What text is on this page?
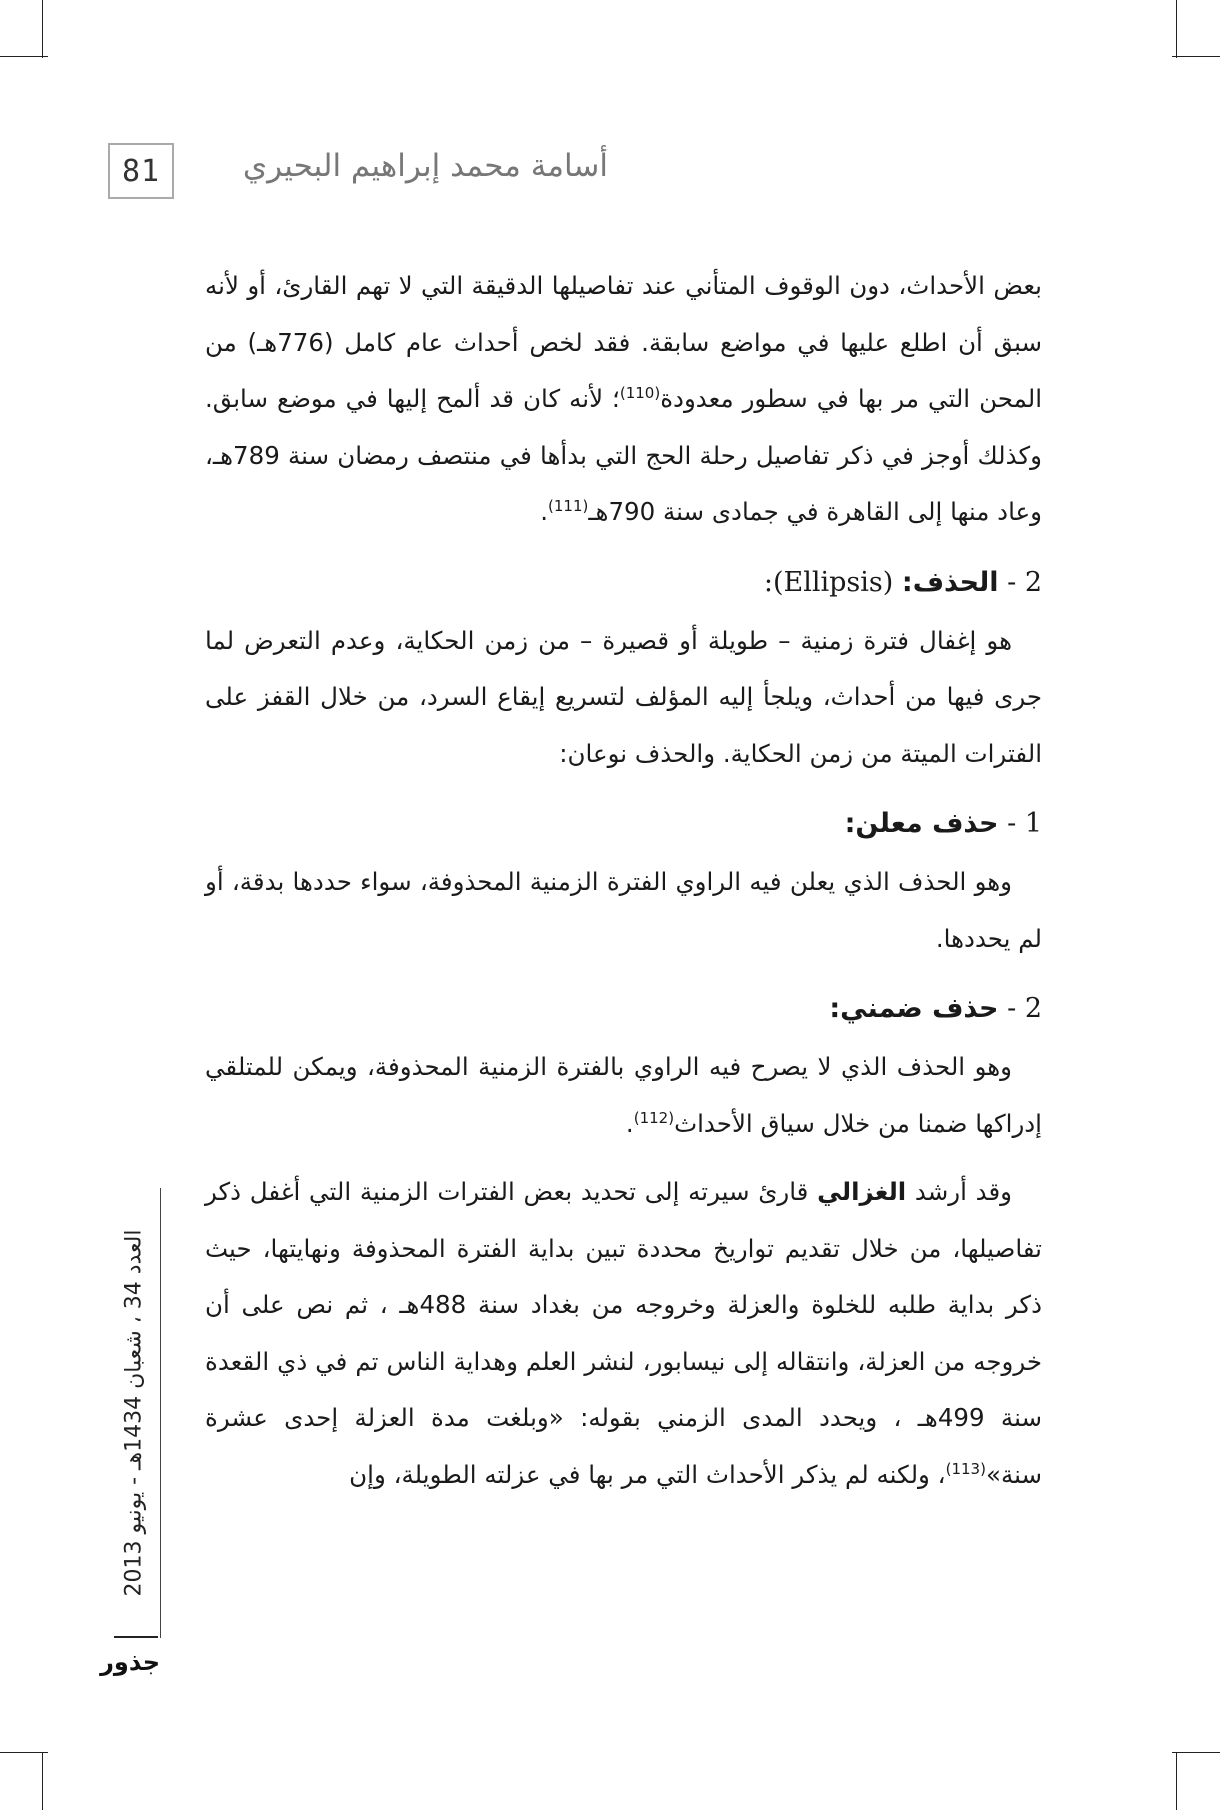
81	أسامة محمد إبراهيم البحيري

بعض الأحداث، دون الوقوف المتأني عند تفاصيلها الدقيقة التي لا تهم القارئ، أو لأنه سبق أن اطلع عليها في مواضع سابقة. فقد لخص أحداث عام كامل (776هـ) من المحن التي مر بها في سطور معدودة$^{(110)}$؛ لأنه كان قد ألمح إليها في موضع سابق. وكذلك أوجز في ذكر تفاصيل رحلة الحج التي بدأها في منتصف رمضان سنة 789هـ، وعاد منها إلى القاهرة في جمادى سنة 790هـ$^{(111)}$.

2 - الحذف: (Ellipsis):

هو إغفال فترة زمنية – طويلة أو قصيرة – من زمن الحكاية، وعدم التعرض لما جرى فيها من أحداث، ويلجأ إليه المؤلف لتسريع إيقاع السرد، من خلال القفز على الفترات الميتة من زمن الحكاية. والحذف نوعان:

1 - حذف معلن:

وهو الحذف الذي يعلن فيه الراوي الفترة الزمنية المحذوفة، سواء حددها بدقة، أو لم يحددها.

2 - حذف ضمني:

وهو الحذف الذي لا يصرح فيه الراوي بالفترة الزمنية المحذوفة، ويمكن للمتلقي إدراكها ضمنا من خلال سياق الأحداث$^{(112)}$.

وقد أرشد الغزالي قارئ سيرته إلى تحديد بعض الفترات الزمنية التي أغفل ذكر تفاصيلها، من خلال تقديم تواريخ محددة تبين بداية الفترة المحذوفة ونهايتها، حيث ذكر بداية طلبه للخلوة والعزلة وخروجه من بغداد سنة 488هـ ، ثم نص على أن خروجه من العزلة، وانتقاله إلى نيسابور، لنشر العلم وهداية الناس تم في ذي القعدة سنة 499هـ ، ويحدد المدى الزمني بقوله: «وبلغت مدة العزلة إحدى عشرة سنة»$^{(113)}$، ولكنه لم يذكر الأحداث التي مر بها في عزلته الطويلة، وإن

العدد 34 ، شعبان 1434هـ - يونيو 2013
جذور
